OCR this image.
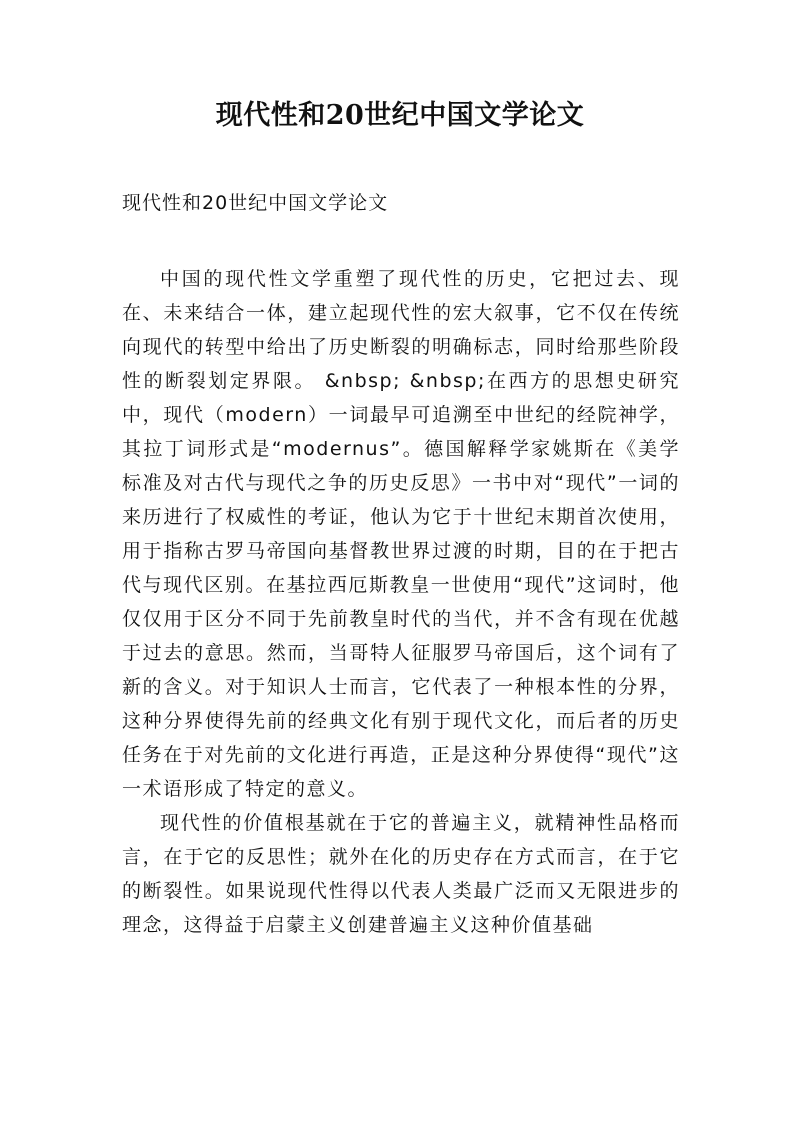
现代性和20世纪中国文学论文

现代性和20世纪中国文学论文

中国的现代性文学重塑了现代性的历史，它把过去、现在、未来结合一体，建立起现代性的宏大叙事，它不仅在传统向现代的转型中给出了历史断裂的明确标志，同时给那些阶段性的断裂划定界限。 &nbsp; &nbsp;在西方的思想史研究中，现代（modern）一词最早可追溯至中世纪的经院神学，其拉丁词形式是“modernus”。德国解释学家姚斯在《美学标准及对古代与现代之争的历史反思》一书中对“现代”一词的来历进行了权威性的考证，他认为它于十世纪末期首次使用，用于指称古罗马帝国向基督教世界过渡的时期，目的在于把古代与现代区别。在基拉西厄斯教皇一世使用“现代”这词时，他仅仅用于区分不同于先前教皇时代的当代，并不含有现在优越于过去的意思。然而，当哥特人征服罗马帝国后，这个词有了新的含义。对于知识人士而言，它代表了一种根本性的分界，这种分界使得先前的经典文化有别于现代文化，而后者的历史任务在于对先前的文化进行再造，正是这种分界使得“现代”这一术语形成了特定的意义。

现代性的价值根基就在于它的普遍主义，就精神性品格而言，在于它的反思性；就外在化的历史存在方式而言，在于它的断裂性。如果说现代性得以代表人类最广泛而又无限进步的理念，这得益于启蒙主义创建普遍主义这种价值基础
